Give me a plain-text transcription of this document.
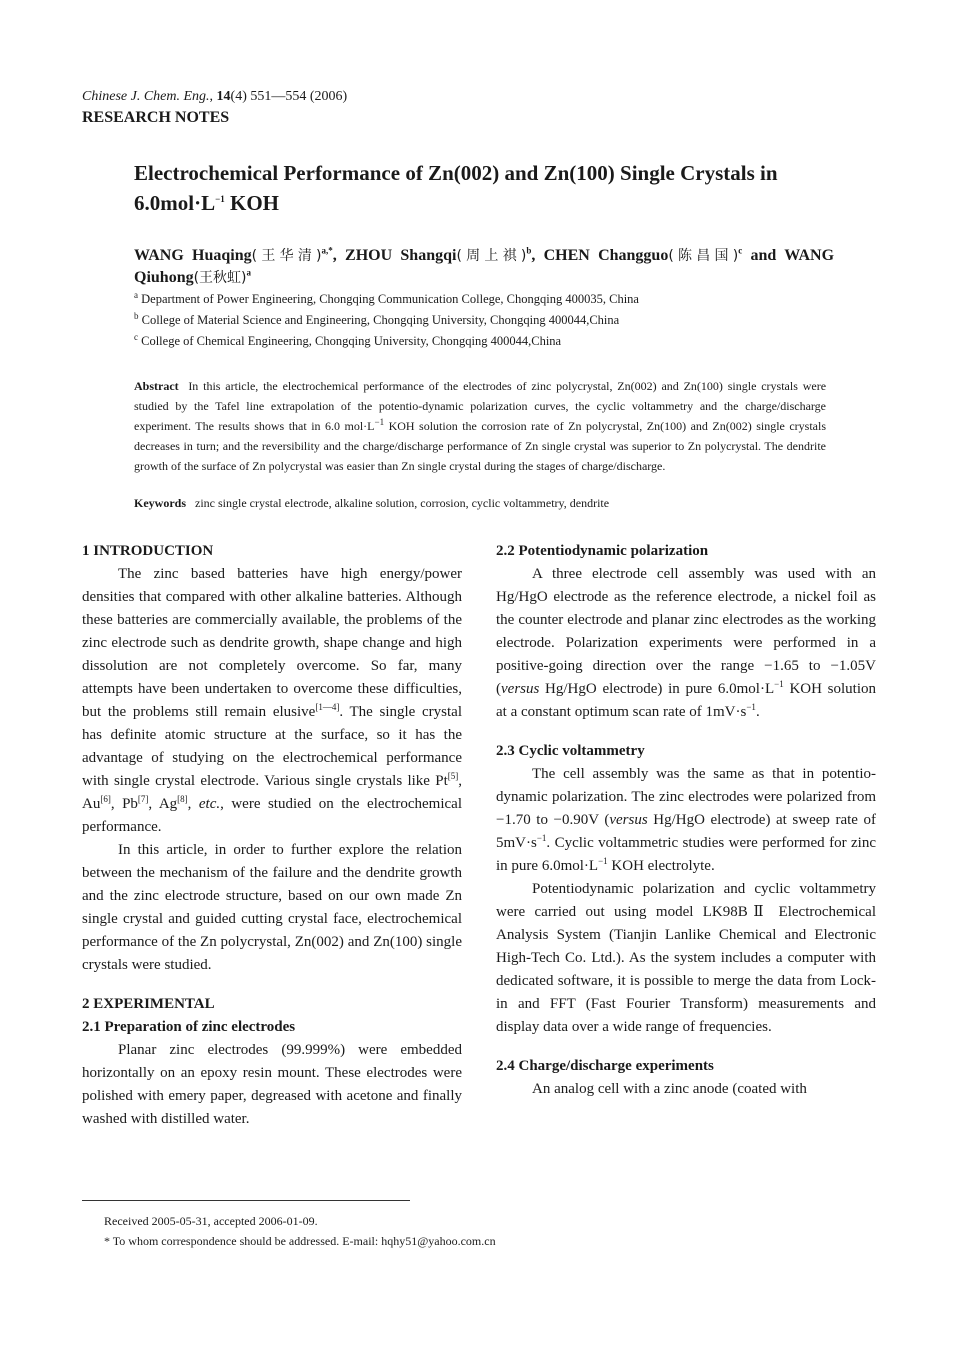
Chinese J. Chem. Eng., 14(4) 551—554 (2006)
RESEARCH NOTES
Electrochemical Performance of Zn(002) and Zn(100) Single Crystals in $6.0mol\cdot L^{-1}$ KOH
WANG Huaqing(王华清)$^{a,*}$, ZHOU Shangqi(周上祺)$^b$, CHEN Changguo(陈昌国)$^c$ and WANG Qiuhong(王秋虹)$^a$
$^a$ Department of Power Engineering, Chongqing Communication College, Chongqing 400035, China
$^b$ College of Material Science and Engineering, Chongqing University, Chongqing 400044,China
$^c$ College of Chemical Engineering, Chongqing University, Chongqing 400044,China
Abstract In this article, the electrochemical performance of the electrodes of zinc polycrystal, Zn(002) and Zn(100) single crystals were studied by the Tafel line extrapolation of the potentio-dynamic polarization curves, the cyclic voltammetry and the charge/discharge experiment. The results shows that in 6.0 $mol\cdot L^{-1}$ KOH solution the corrosion rate of Zn polycrystal, Zn(100) and Zn(002) single crystals decreases in turn; and the reversibility and the charge/discharge performance of Zn single crystal was superior to Zn polycrystal. The dendrite growth of the surface of Zn polycrystal was easier than Zn single crystal during the stages of charge/discharge.
Keywords zinc single crystal electrode, alkaline solution, corrosion, cyclic voltammetry, dendrite
1 INTRODUCTION

The zinc based batteries have high energy/power densities that compared with other alkaline batteries. Although these batteries are commercially available, the problems of the zinc electrode such as dendrite growth, shape change and high dissolution are not completely overcome. So far, many attempts have been undertaken to overcome these difficulties, but the problems still remain elusive[1—4]. The single crystal has definite atomic structure at the surface, so it has the advantage of studying on the electrochemical performance with single crystal electrode. Various single crystals like Pt[5], Au[6], Pb[7], Ag[8], etc., were studied on the electrochemical performance.

In this article, in order to further explore the relation between the mechanism of the failure and the dendrite growth and the zinc electrode structure, based on our own made Zn single crystal and guided cutting crystal face, electrochemical performance of the Zn polycrystal, Zn(002) and Zn(100) single crystals were studied.

2 EXPERIMENTAL
2.1 Preparation of zinc electrodes

Planar zinc electrodes (99.999%) were embedded horizontally on an epoxy resin mount. These electrodes were polished with emery paper, degreased with acetone and finally washed with distilled water.

2.2 Potentiodynamic polarization

A three electrode cell assembly was used with an Hg/HgO electrode as the reference electrode, a nickel foil as the counter electrode and planar zinc electrodes as the working electrode. Polarization experiments were performed in a positive-going direction over the range −1.65 to −1.05V (versus Hg/HgO electrode) in pure $6.0mol\cdot L^{-1}$ KOH solution at a constant optimum scan rate of $1mV\cdot s^{-1}$.

2.3 Cyclic voltammetry

The cell assembly was the same as that in potentio-dynamic polarization. The zinc electrodes were polarized from −1.70 to −0.90V (versus Hg/HgO electrode) at sweep rate of $5mV\cdot s^{-1}$. Cyclic voltammetric studies were performed for zinc in pure $6.0mol\cdot L^{-1}$ KOH electrolyte.

Potentiodynamic polarization and cyclic voltammetry were carried out using model LK98BⅡ Electrochemical Analysis System (Tianjin Lanlike Chemical and Electronic High-Tech Co. Ltd.). As the system includes a computer with dedicated software, it is possible to merge the data from Lock-in and FFT (Fast Fourier Transform) measurements and display data over a wide range of frequencies.

2.4 Charge/discharge experiments

An analog cell with a zinc anode (coated with

Received 2005-05-31, accepted 2006-01-09.
* To whom correspondence should be addressed. E-mail: hqhy51@yahoo.com.cn
